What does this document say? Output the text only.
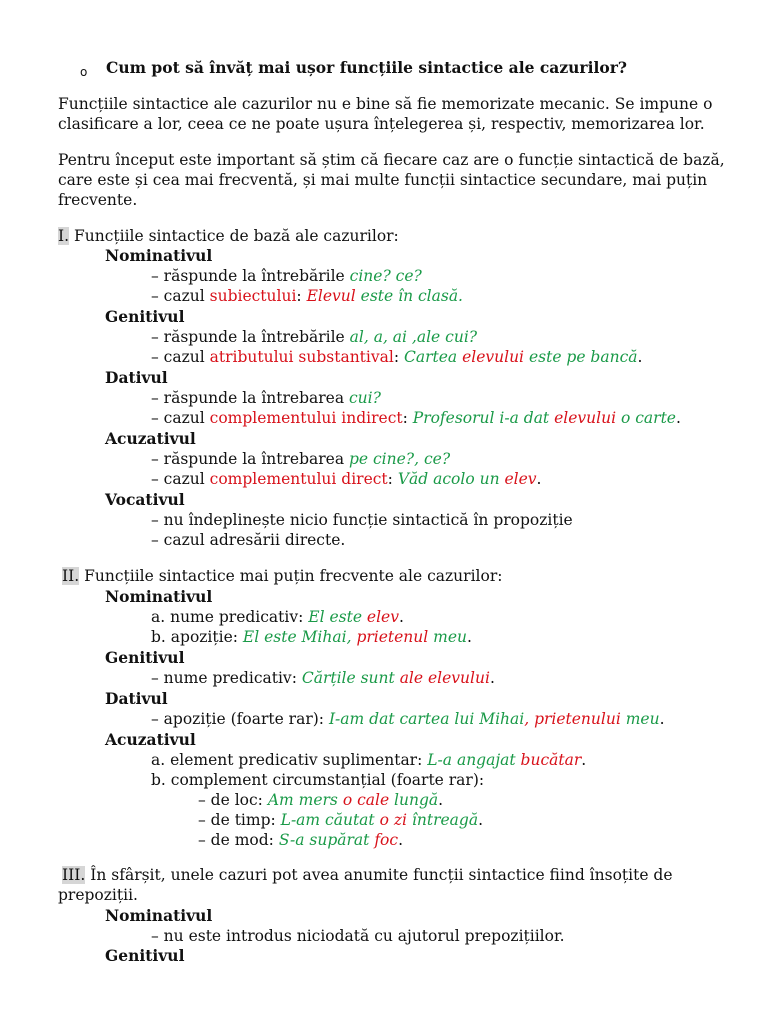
o Cum pot să învăț mai ușor funcțiile sintactice ale cazurilor?
Funcțiile sintactice ale cazurilor nu e bine să fie memorizate mecanic. Se impune o
clasificare a lor, ceea ce ne poate ușura înțelegerea și, respectiv, memorizarea lor.
Pentru început este important să știm că fiecare caz are o funcție sintactică de bază,
care este și cea mai frecventă, și mai multe funcții sintactice secundare, mai puțin
frecvente.
I. Funcțiile sintactice de bază ale cazurilor:
Nominativul
– răspunde la întrebările cine? ce?
– cazul subiectului: Elevul este în clasă.
Genitivul
– răspunde la întrebările al, a, ai ,ale cui?
– cazul atributului substantival: Cartea elevului este pe bancă.
Dativul
– răspunde la întrebarea cui?
– cazul complementului indirect: Profesorul i-a dat elevului o carte.
Acuzativul
– răspunde la întrebarea pe cine?, ce?
– cazul complementului direct: Văd acolo un elev.
Vocativul
– nu îndeplinește nicio funcție sintactică în propoziție
– cazul adresării directe.
II. Funcțiile sintactice mai puțin frecvente ale cazurilor:
Nominativul
a. nume predicativ: El este elev.
b. apoziție: El este Mihai, prietenul meu.
Genitivul
– nume predicativ: Cărțile sunt ale elevului.
Dativul
– apoziție (foarte rar): I-am dat cartea lui Mihai, prietenului meu.
Acuzativul
a. element predicativ suplimentar: L-a angajat bucătar.
b. complement circumstanțial (foarte rar):
– de loc: Am mers o cale lungă.
– de timp: L-am căutat o zi întreagă.
– de mod: S-a supărat foc.
III. În sfârșit, unele cazuri pot avea anumite funcții sintactice fiind însoțite de
prepoziții.
Nominativul
– nu este introdus niciodată cu ajutorul prepozițiilor.
Genitivul
